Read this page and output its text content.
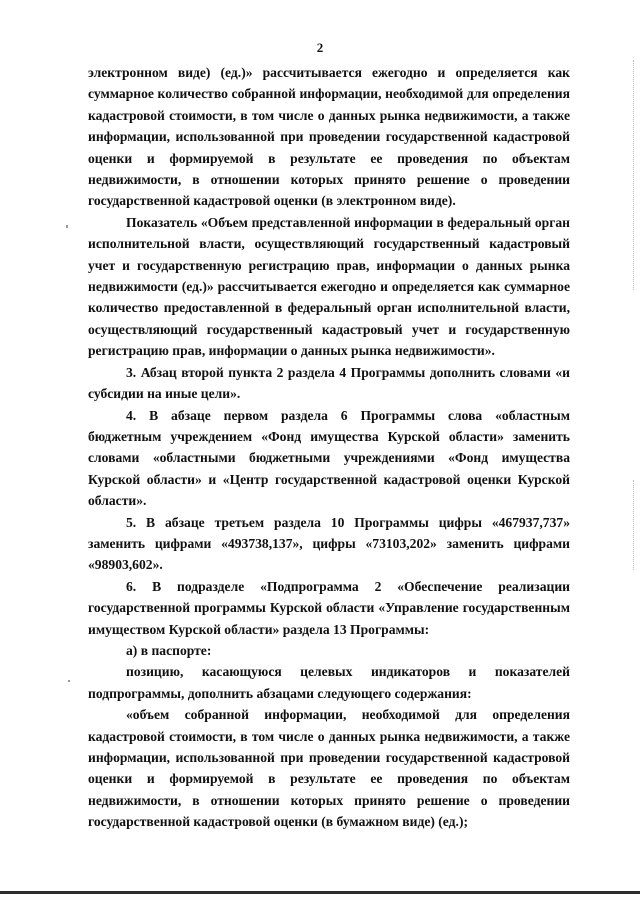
2

электронном виде) (ед.)» рассчитывается ежегодно и определяется как суммарное количество собранной информации, необходимой для определения кадастровой стоимости, в том числе о данных рынка недвижимости, а также информации, использованной при проведении государственной кадастровой оценки и формируемой в результате ее проведения по объектам недвижимости, в отношении которых принято решение о проведении государственной кадастровой оценки (в электронном виде).

Показатель «Объем представленной информации в федеральный орган исполнительной власти, осуществляющий государственный кадастровый учет и государственную регистрацию прав, информации о данных рынка недвижимости (ед.)» рассчитывается ежегодно и определяется как суммарное количество предоставленной в федеральный орган исполнительной власти, осуществляющий государственный кадастровый учет и государственную регистрацию прав, информации о данных рынка недвижимости».

3. Абзац второй пункта 2 раздела 4 Программы дополнить словами «и субсидии на иные цели».

4. В абзаце первом раздела 6 Программы слова «областным бюджетным учреждением «Фонд имущества Курской области» заменить словами «областными бюджетными учреждениями «Фонд имущества Курской области» и «Центр государственной кадастровой оценки Курской области».

5. В абзаце третьем раздела 10 Программы цифры «467937,737» заменить цифрами «493738,137», цифры «73103,202» заменить цифрами «98903,602».

6. В подразделе «Подпрограмма 2 «Обеспечение реализации государственной программы Курской области «Управление государственным имуществом Курской области» раздела 13 Программы:

а) в паспорте:

позицию, касающуюся целевых индикаторов и показателей подпрограммы, дополнить абзацами следующего содержания:

«объем собранной информации, необходимой для определения кадастровой стоимости, в том числе о данных рынка недвижимости, а также информации, использованной при проведении государственной кадастровой оценки и формируемой в результате ее проведения по объектам недвижимости, в отношении которых принято решение о проведении государственной кадастровой оценки (в бумажном виде) (ед.);
